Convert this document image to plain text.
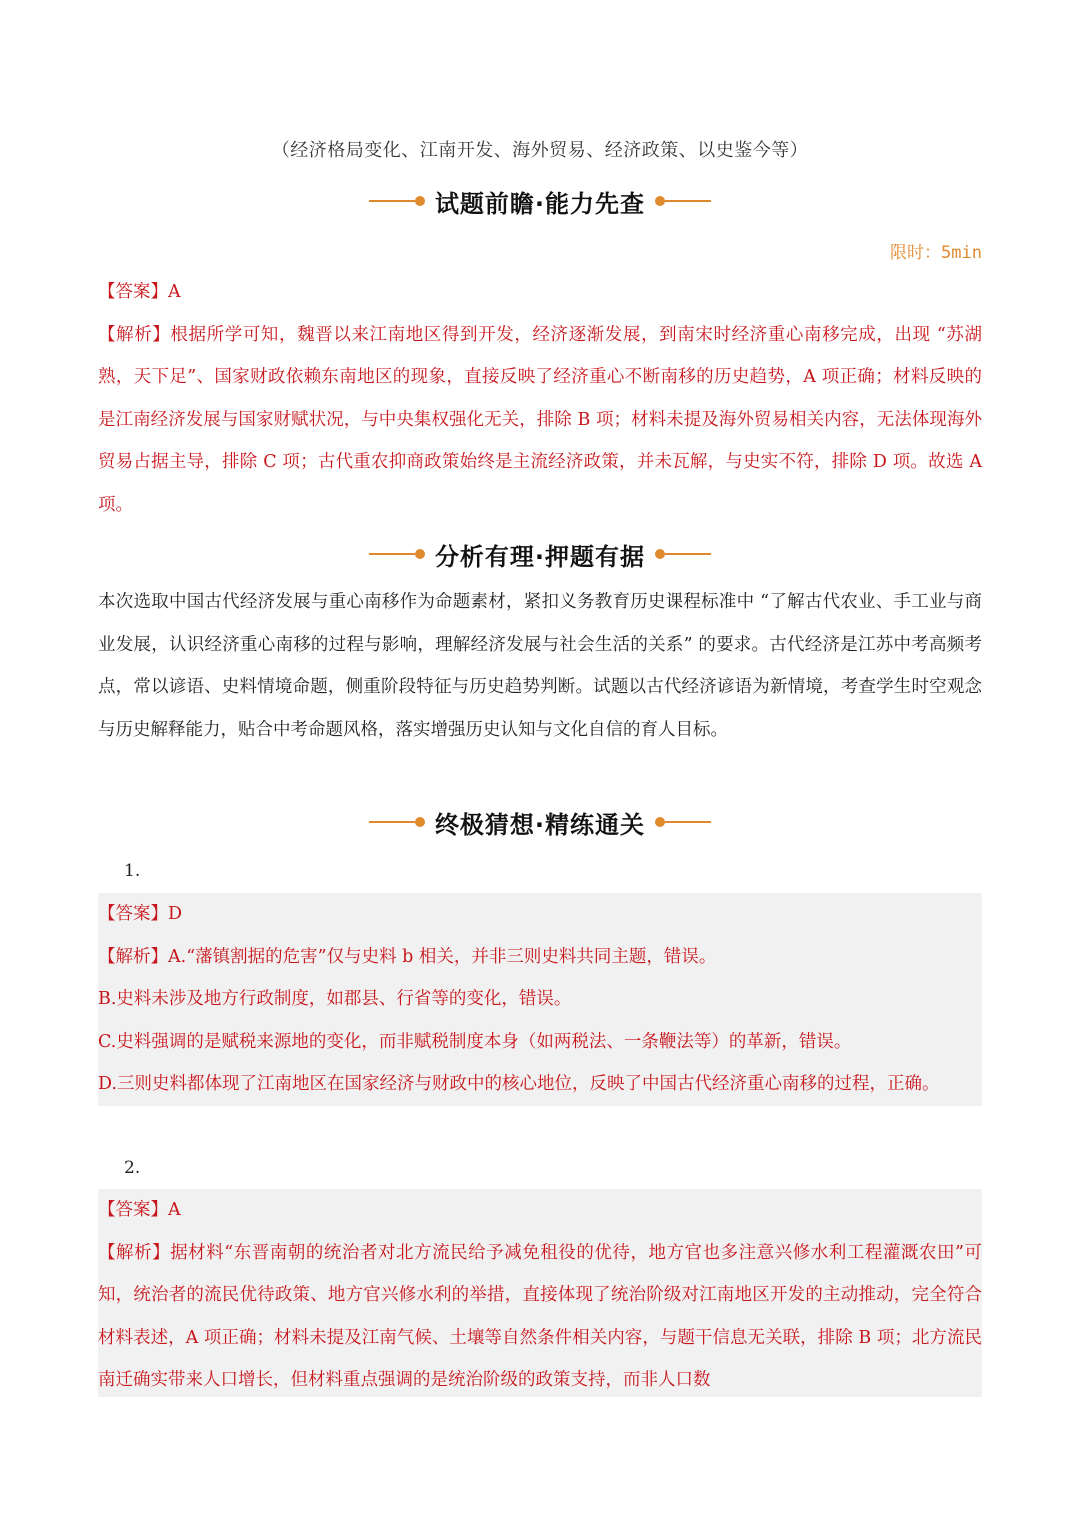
（经济格局变化、江南开发、海外贸易、经济政策、以史鉴今等）
试题前瞻·能力先查
限时：5min

【答案】A

【解析】根据所学可知，魏晋以来江南地区得到开发，经济逐渐发展，到南宋时经济重心南移完成，出现 “苏湖熟，天下足”、国家财政依赖东南地区的现象，直接反映了经济重心不断南移的历史趋势，A 项正确；材料反映的是江南经济发展与国家财赋状况，与中央集权强化无关，排除 B 项；材料未提及海外贸易相关内容，无法体现海外贸易占据主导，排除 C 项；古代重农抑商政策始终是主流经济政策，并未瓦解，与史实不符，排除 D 项。故选 A 项。

分析有理·押题有据

本次选取中国古代经济发展与重心南移作为命题素材，紧扣义务教育历史课程标准中 “了解古代农业、手工业与商业发展，认识经济重心南移的过程与影响，理解经济发展与社会生活的关系” 的要求。古代经济是江苏中考高频考点，常以谚语、史料情境命题，侧重阶段特征与历史趋势判断。试题以古代经济谚语为新情境，考查学生时空观念与历史解释能力，贴合中考命题风格，落实增强历史认知与文化自信的育人目标。

终极猜想·精练通关
1.

【答案】D

【解析】A.“藩镇割据的危害”仅与史料 b 相关，并非三则史料共同主题，错误。

B.史料未涉及地方行政制度，如郡县、行省等的变化，错误。

C.史料强调的是赋税来源地的变化，而非赋税制度本身（如两税法、一条鞭法等）的革新，错误。

D.三则史料都体现了江南地区在国家经济与财政中的核心地位，反映了中国古代经济重心南移的过程，正确。

2.

【答案】A

【解析】据材料“东晋南朝的统治者对北方流民给予减免租役的优待，地方官也多注意兴修水利工程灌溉农田”可知，统治者的流民优待政策、地方官兴修水利的举措，直接体现了统治阶级对江南地区开发的主动推动，完全符合材料表述，A 项正确；材料未提及江南气候、土壤等自然条件相关内容，与题干信息无关联，排除 B 项；北方流民南迁确实带来人口增长，但材料重点强调的是统治阶级的政策支持，而非人口数
